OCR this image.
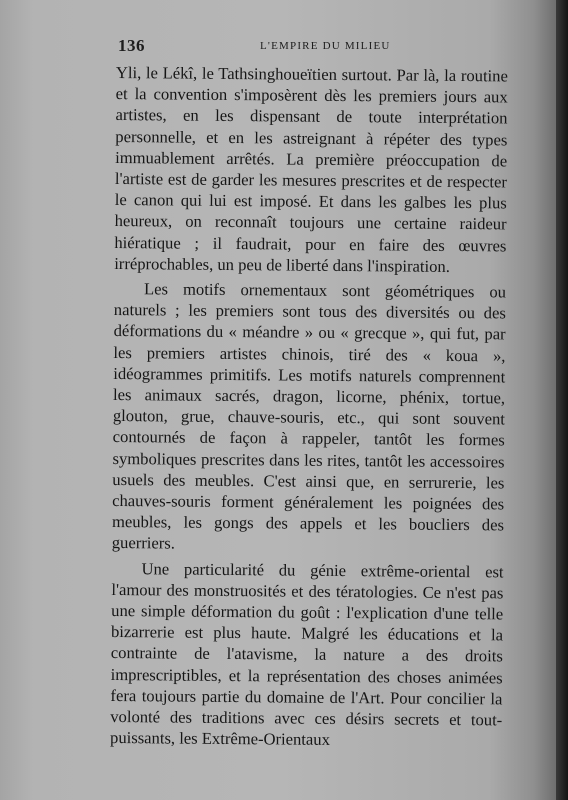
136	L'EMPIRE DU MILIEU

Yli, le Lékî, le Tathsinghoueïtien surtout. Par là, la routine et la convention s'imposèrent dès les premiers jours aux artistes, en les dispensant de toute interprétation personnelle, et en les astreignant à répéter des types immuablement arrêtés. La première préoccupation de l'artiste est de garder les mesures prescrites et de respecter le canon qui lui est imposé. Et dans les galbes les plus heureux, on reconnaît toujours une certaine raideur hiératique ; il faudrait, pour en faire des œuvres irréprochables, un peu de liberté dans l'inspiration.

Les motifs ornementaux sont géométriques ou naturels ; les premiers sont tous des diversités ou des déformations du « méandre » ou « grecque », qui fut, par les premiers artistes chinois, tiré des « koua », idéogrammes primitifs. Les motifs naturels comprennent les animaux sacrés, dragon, licorne, phénix, tortue, glouton, grue, chauve-souris, etc., qui sont souvent contournés de façon à rappeler, tantôt les formes symboliques prescrites dans les rites, tantôt les accessoires usuels des meubles. C'est ainsi que, en serrurerie, les chauves-souris forment généralement les poignées des meubles, les gongs des appels et les boucliers des guerriers.

Une particularité du génie extrême-oriental est l'amour des monstruosités et des tératologies. Ce n'est pas une simple déformation du goût : l'explication d'une telle bizarrerie est plus haute. Malgré les éducations et la contrainte de l'atavisme, la nature a des droits imprescriptibles, et la représentation des choses animées fera toujours partie du domaine de l'Art. Pour concilier la volonté des traditions avec ces désirs secrets et tout-puissants, les Extrême-Orientaux
